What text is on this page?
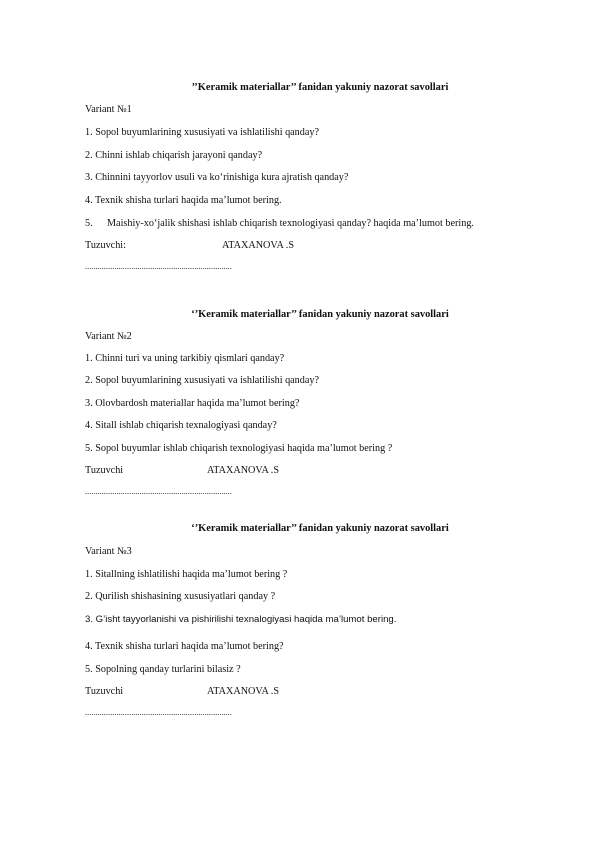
’’Keramik materiallar’’ fanidan yakuniy nazorat savollari
Variant №1
1. Sopol buyumlarining xususiyati va ishlatilishi qanday?
2. Chinni ishlab chiqarish jarayoni qanday?
3. Chinnini tayyorlov usuli va ko‘rinishiga kura ajratish qanday?
4. Texnik shisha turlari haqida ma’lumot bering.
5. Maishiy-xo‘jalik shishasi ishlab chiqarish texnologiyasi qanday? haqida ma’lumot bering.
Tuzuvchi:	ATAXANOVA .S
......................................................................
‘’Keramik materiallar’’ fanidan yakuniy nazorat savollari
Variant №2
1. Chinni turi va uning tarkibiy qismlari qanday?
2. Sopol buyumlarining xususiyati va ishlatilishi qanday?
3. Olovbardosh materiallar haqida ma’lumot bering?
4. Sitall ishlab chiqarish texnalogiyasi qanday?
5. Sopol buyumlar ishlab chiqarish texnologiyasi haqida ma’lumot bering ?
Tuzuvchi	ATAXANOVA .S
......................................................................
‘’Keramik materiallar’’ fanidan yakuniy nazorat savollari
Variant №3
1. Sitallning ishlatilishi haqida ma’lumot bering ?
2. Qurilish shishasining xususiyatlari qanday ?
3. G’isht tayyorlanishi va pishirilishi texnalogiyasi haqida ma’lumot bering.
4. Texnik shisha turlari haqida ma’lumot bering?
5. Sopolning qanday turlarini bilasiz ?
Tuzuvchi	ATAXANOVA .S
......................................................................
